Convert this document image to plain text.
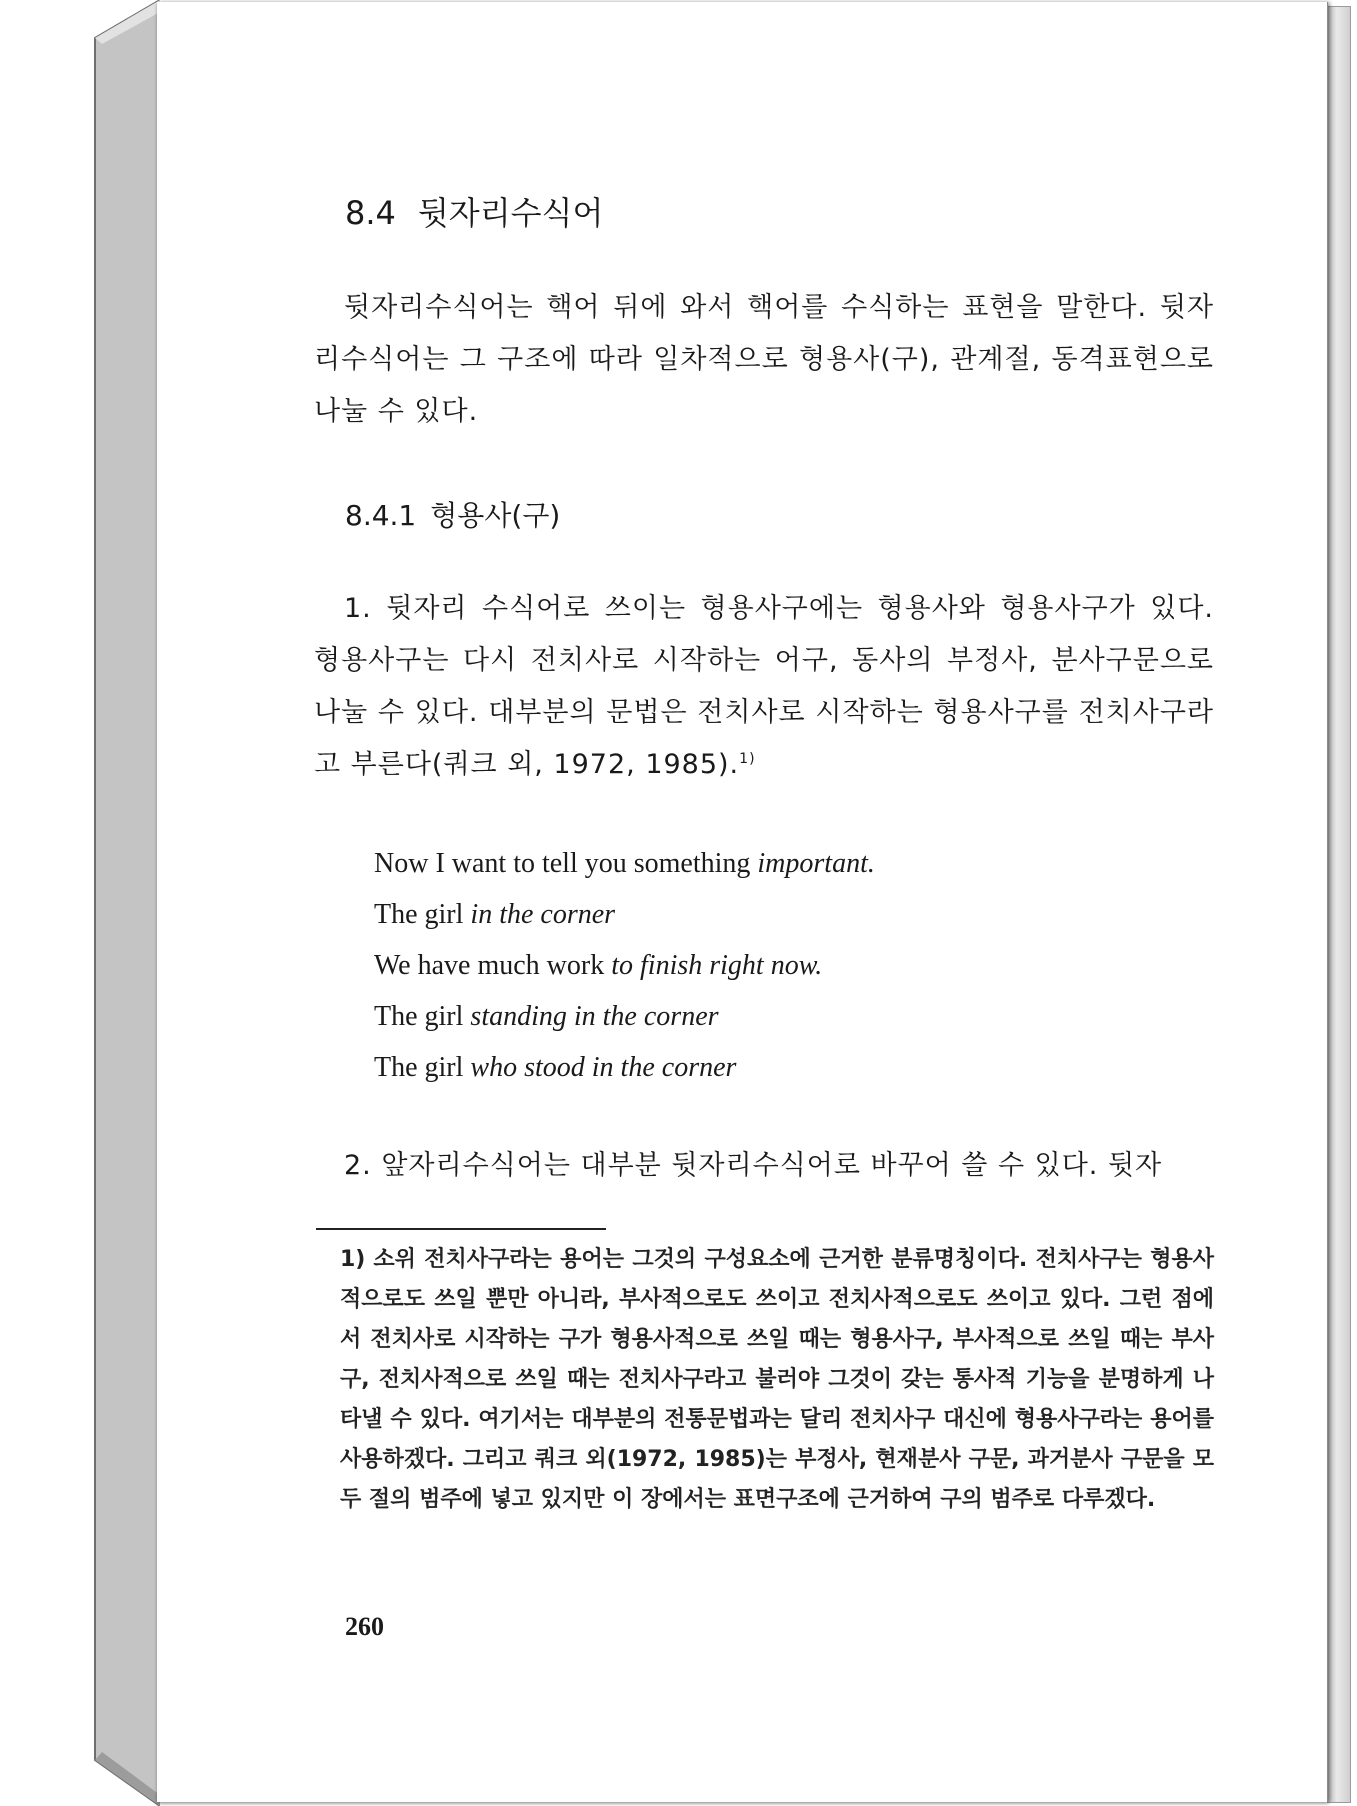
8.4 뒷자리수식어
뒷자리수식어는 핵어 뒤에 와서 핵어를 수식하는 표현을 말한다. 뒷자리수식어는 그 구조에 따라 일차적으로 형용사(구), 관계절, 동격표현으로 나눌 수 있다.
8.4.1 형용사(구)
1. 뒷자리 수식어로 쓰이는 형용사구에는 형용사와 형용사구가 있다. 형용사구는 다시 전치사로 시작하는 어구, 동사의 부정사, 분사구문으로 나눌 수 있다. 대부분의 문법은 전치사로 시작하는 형용사구를 전치사구라고 부른다(쿼크 외, 1972, 1985).$^{1)}$
Now I want to tell you something important.
The girl in the corner
We have much work to finish right now.
The girl standing in the corner
The girl who stood in the corner
2. 앞자리수식어는 대부분 뒷자리수식어로 바꾸어 쓸 수 있다. 뒷자
1) 소위 전치사구라는 용어는 그것의 구성요소에 근거한 분류명칭이다. 전치사구는 형용사적으로도 쓰일 뿐만 아니라, 부사적으로도 쓰이고 전치사적으로도 쓰이고 있다. 그런 점에서 전치사로 시작하는 구가 형용사적으로 쓰일 때는 형용사구, 부사적으로 쓰일 때는 부사구, 전치사적으로 쓰일 때는 전치사구라고 불러야 그것이 갖는 통사적 기능을 분명하게 나타낼 수 있다. 여기서는 대부분의 전통문법과는 달리 전치사구 대신에 형용사구라는 용어를 사용하겠다. 그리고 쿼크 외(1972, 1985)는 부정사, 현재분사 구문, 과거분사 구문을 모두 절의 범주에 넣고 있지만 이 장에서는 표면구조에 근거하여 구의 범주로 다루겠다.
260
